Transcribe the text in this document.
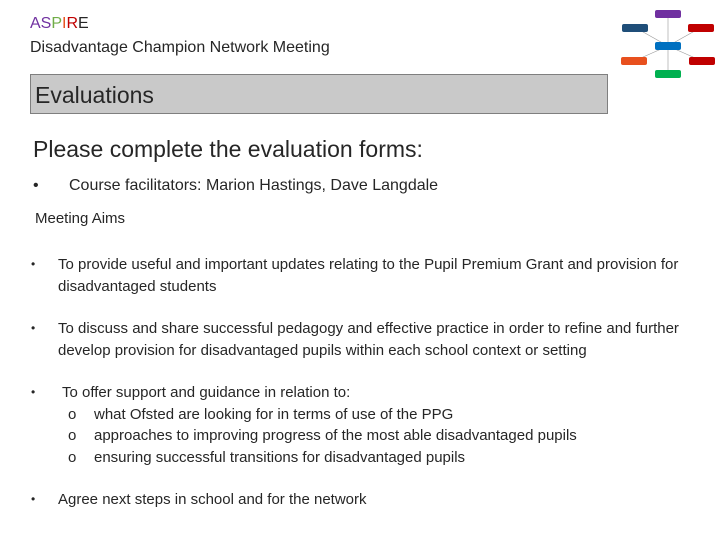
ASPIRE
Disadvantage Champion Network Meeting
Evaluations
Please complete the evaluation forms:
• Course facilitators: Marion Hastings, Dave Langdale
Meeting Aims
• To provide useful and important updates relating to the Pupil Premium Grant and provision for disadvantaged students
• To discuss and share successful pedagogy and effective practice in order to refine and further develop provision for disadvantaged pupils within each school context or setting
• To offer support and guidance in relation to:
o what Ofsted are looking for in terms of use of the PPG
o approaches to improving progress of the most able disadvantaged pupils
o ensuring successful transitions for disadvantaged pupils
• Agree next steps in school and for the network
